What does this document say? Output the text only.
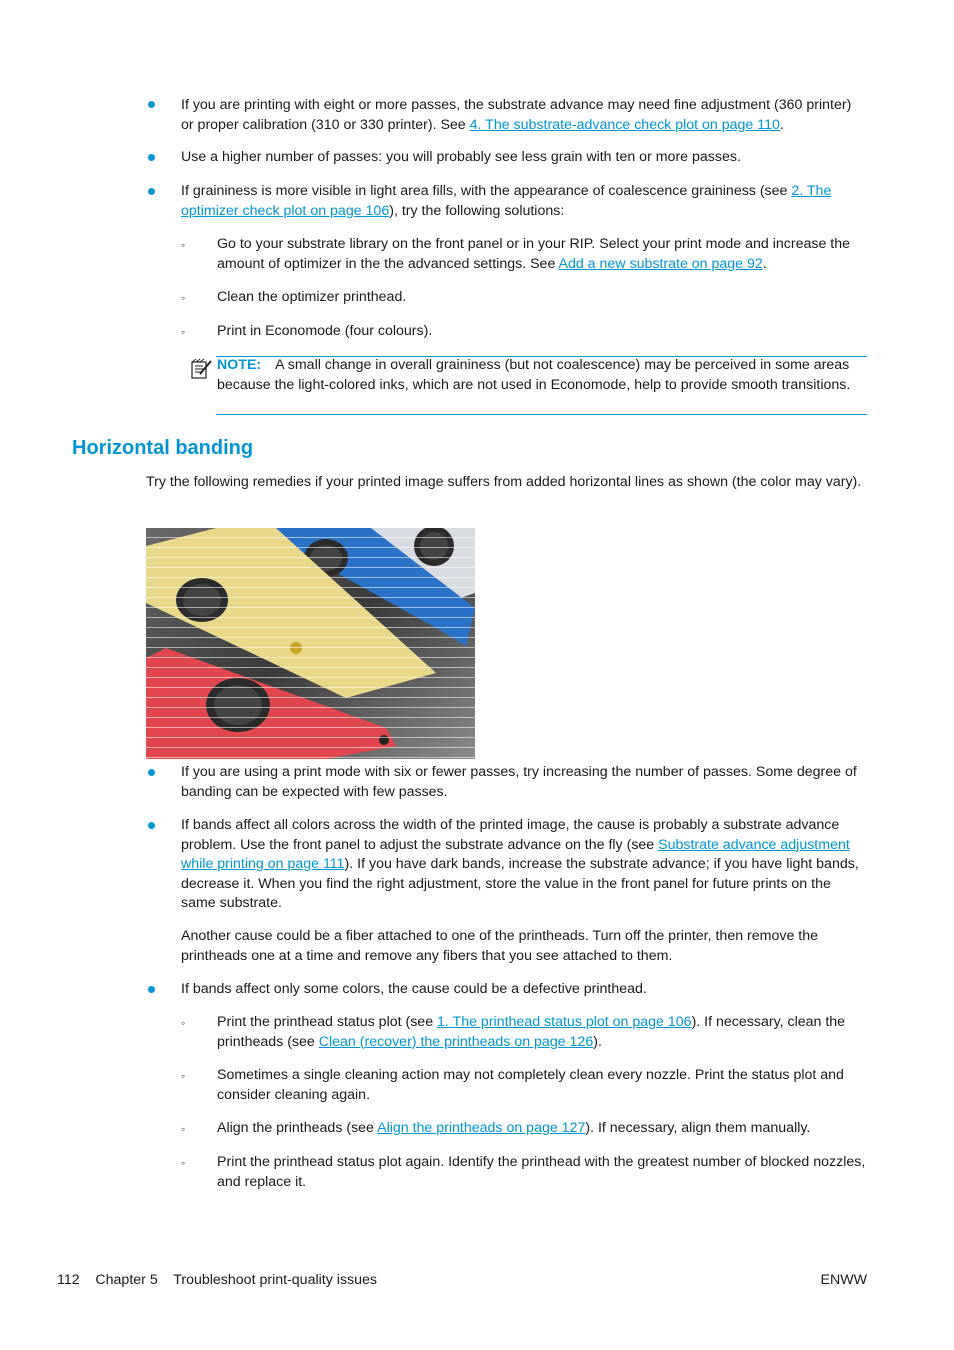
If you are printing with eight or more passes, the substrate advance may need fine adjustment (360 printer) or proper calibration (310 or 330 printer). See 4. The substrate-advance check plot on page 110.
Use a higher number of passes: you will probably see less grain with ten or more passes.
If graininess is more visible in light area fills, with the appearance of coalescence graininess (see 2. The optimizer check plot on page 106), try the following solutions:
◦ Go to your substrate library on the front panel or in your RIP. Select your print mode and increase the amount of optimizer in the the advanced settings. See Add a new substrate on page 92.
◦ Clean the optimizer printhead.
◦ Print in Economode (four colours).
NOTE: A small change in overall graininess (but not coalescence) may be perceived in some areas because the light-colored inks, which are not used in Economode, help to provide smooth transitions.
Horizontal banding
Try the following remedies if your printed image suffers from added horizontal lines as shown (the color may vary).
If you are using a print mode with six or fewer passes, try increasing the number of passes. Some degree of banding can be expected with few passes.
If bands affect all colors across the width of the printed image, the cause is probably a substrate advance problem. Use the front panel to adjust the substrate advance on the fly (see Substrate advance adjustment while printing on page 111). If you have dark bands, increase the substrate advance; if you have light bands, decrease it. When you find the right adjustment, store the value in the front panel for future prints on the same substrate.
Another cause could be a fiber attached to one of the printheads. Turn off the printer, then remove the printheads one at a time and remove any fibers that you see attached to them.
If bands affect only some colors, the cause could be a defective printhead.
◦ Print the printhead status plot (see 1. The printhead status plot on page 106). If necessary, clean the printheads (see Clean (recover) the printheads on page 126).
◦ Sometimes a single cleaning action may not completely clean every nozzle. Print the status plot and consider cleaning again.
◦ Align the printheads (see Align the printheads on page 127). If necessary, align them manually.
◦ Print the printhead status plot again. Identify the printhead with the greatest number of blocked nozzles, and replace it.
112 Chapter 5 Troubleshoot print-quality issues	ENWW
